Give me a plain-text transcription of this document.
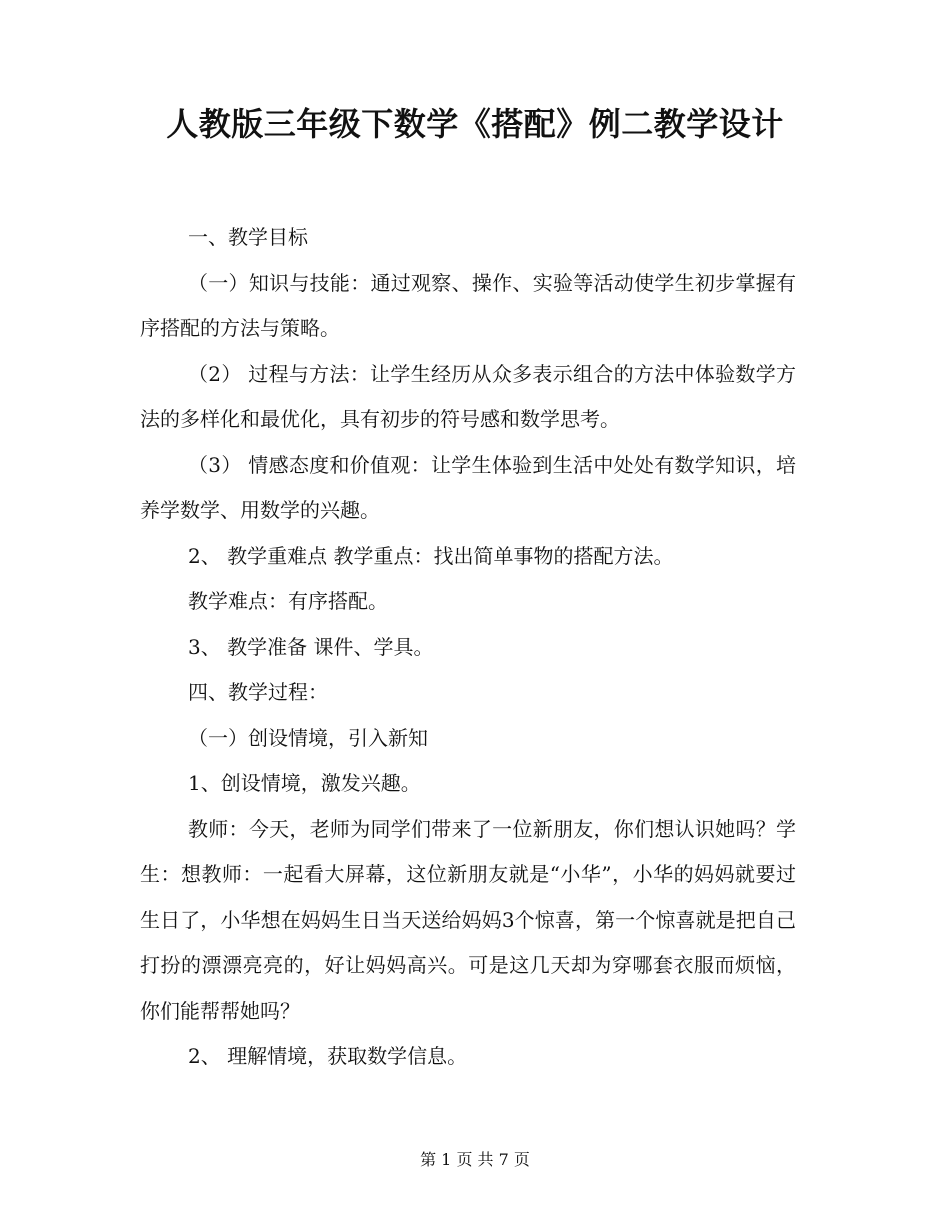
人教版三年级下数学《搭配》例二教学设计

一、教学目标

（一）知识与技能：通过观察、操作、实验等活动使学生初步掌握有序搭配的方法与策略。

（2） 过程与方法：让学生经历从众多表示组合的方法中体验数学方法的多样化和最优化，具有初步的符号感和数学思考。

（3） 情感态度和价值观：让学生体验到生活中处处有数学知识，培养学数学、用数学的兴趣。

2、 教学重难点 教学重点：找出简单事物的搭配方法。

教学难点：有序搭配。

3、 教学准备 课件、学具。

四、教学过程：

（一）创设情境，引入新知

1、创设情境，激发兴趣。

教师：今天，老师为同学们带来了一位新朋友，你们想认识她吗？学生：想教师：一起看大屏幕，这位新朋友就是“小华”，小华的妈妈就要过生日了，小华想在妈妈生日当天送给妈妈3个惊喜，第一个惊喜就是把自己打扮的漂漂亮亮的，好让妈妈高兴。可是这几天却为穿哪套衣服而烦恼，你们能帮帮她吗？

2、 理解情境，获取数学信息。

第 1 页 共 7 页
